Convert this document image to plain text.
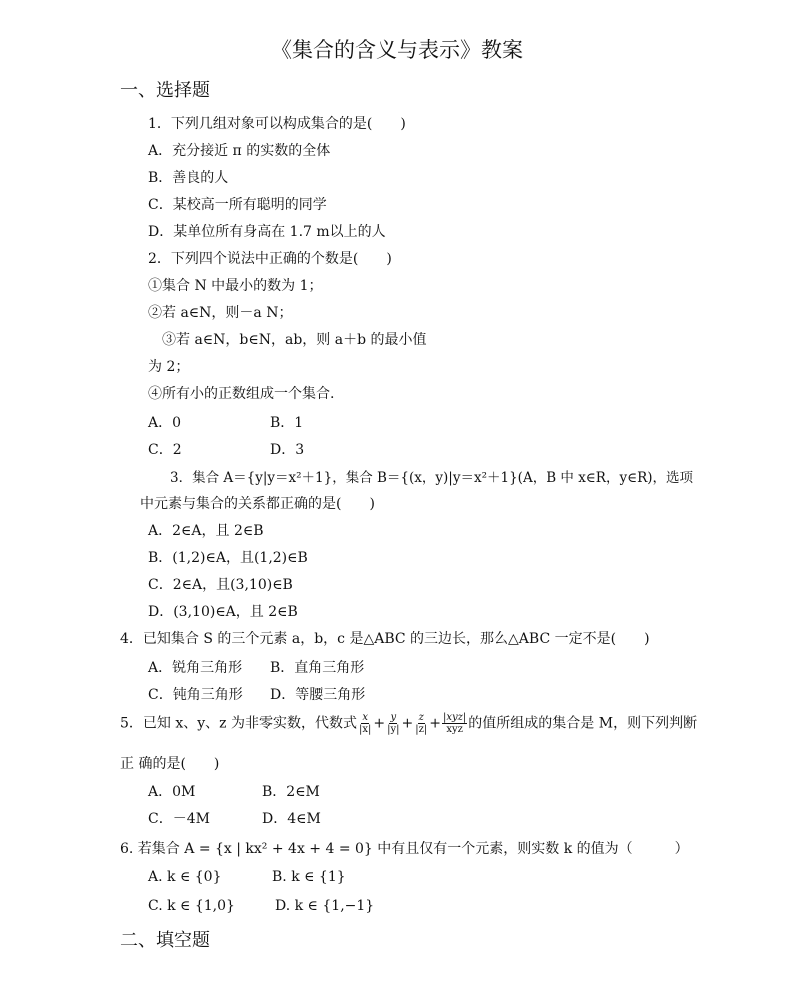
《集合的含义与表示》教案
一、选择题
1．下列几组对象可以构成集合的是(　　)
A．充分接近 π 的实数的全体
B．善良的人
C．某校高一所有聪明的同学
D．某单位所有身高在 1.7 m以上的人
2．下列四个说法中正确的个数是(　　)
①集合 N 中最小的数为 1；
②若 a∈N，则－a N；
③若 a∈N，b∈N，ab，则 a＋b 的最小值
为 2；
④所有小的正数组成一个集合.
A．0	B．1
C．2	D．3
3．集合 A＝{y|y＝x²＋1}，集合 B＝{(x，y)|y＝x²＋1}(A，B 中 x∈R，y∈R)，选项
中元素与集合的关系都正确的是(　　)
A．2∈A，且 2∈B
B．(1,2)∈A，且(1,2)∈B
C．2∈A，且(3,10)∈B
D．(3,10)∈A，且 2∈B
4．已知集合 S 的三个元素 a，b，c 是△ABC 的三边长，那么△ABC 一定不是(　　)
A．锐角三角形 B．直角三角形
C．钝角三角形 D．等腰三角形
5．已知 x、y、z 为非零实数，代数式 $\frac{x}{|x|} + \frac{y}{|y|} + \frac{z}{|z|} + \frac{\text{|xyz|}}{\text{xyz}}$ 的值所组成的集合是 M，则下列判断
正 确的是(　　)
A．0M	B．2∈M
C．－4M	D．4∈M
6. 若集合 A = {x | kx² + 4x + 4 = 0} 中有且仅有一个元素，则实数 k 的值为（　　　）
A. k ∈ {0}	B. k ∈ {1}
C. k ∈ {1,0}	D. k ∈ {1,−1}
二、填空题
